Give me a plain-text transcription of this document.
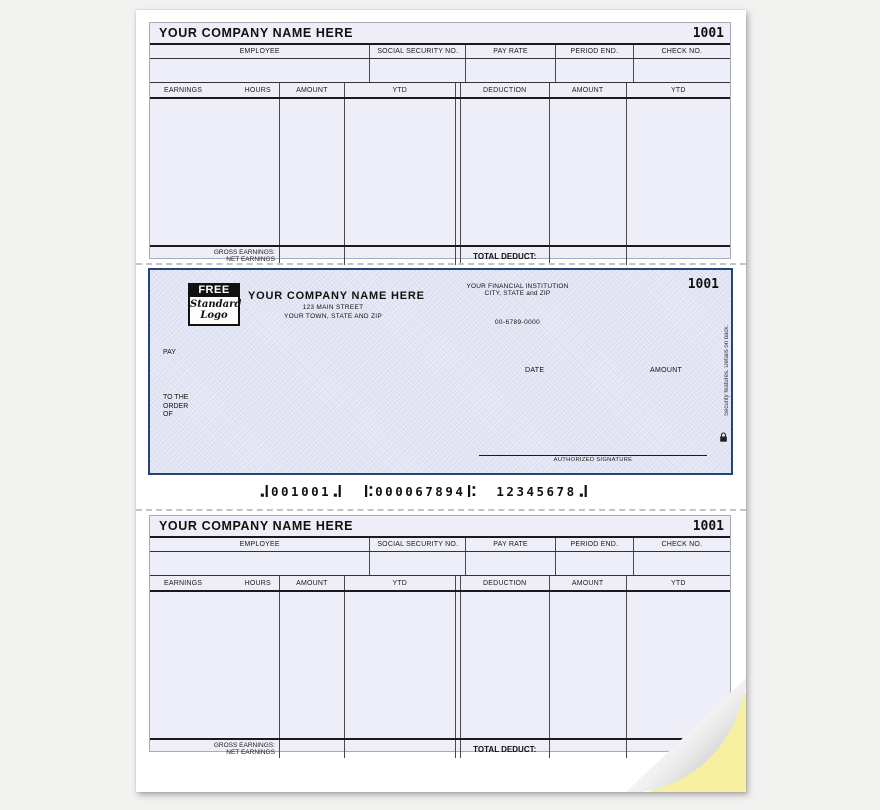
YOUR COMPANY NAME HERE	1001
EMPLOYEE	SOCIAL SECURITY NO.	PAY RATE	PERIOD END.	CHECK NO.
EARNINGS	HOURS	AMOUNT	YTD	DEDUCTION	AMOUNT	YTD
GROSS EARNINGS:
NET EARNINGS	TOTAL DEDUCT:
FREE
Standard
Logo
YOUR COMPANY NAME HERE
123 MAIN STREET
YOUR TOWN, STATE AND ZIP
YOUR FINANCIAL INSTITUTION
CITY, STATE and ZIP
00-6789-0000
1001
PAY
DATE	AMOUNT
TO THE
ORDER
OF
AUTHORIZED SIGNATURE
Security features. Details on back.
001001	000067894 12345678
YOUR COMPANY NAME HERE	1001
EMPLOYEE	SOCIAL SECURITY NO.	PAY RATE	PERIOD END.	CHECK NO.
EARNINGS	HOURS	AMOUNT	YTD	DEDUCTION	AMOUNT	YTD
GROSS EARNINGS:
NET EARNINGS	TOTAL DEDUCT:
